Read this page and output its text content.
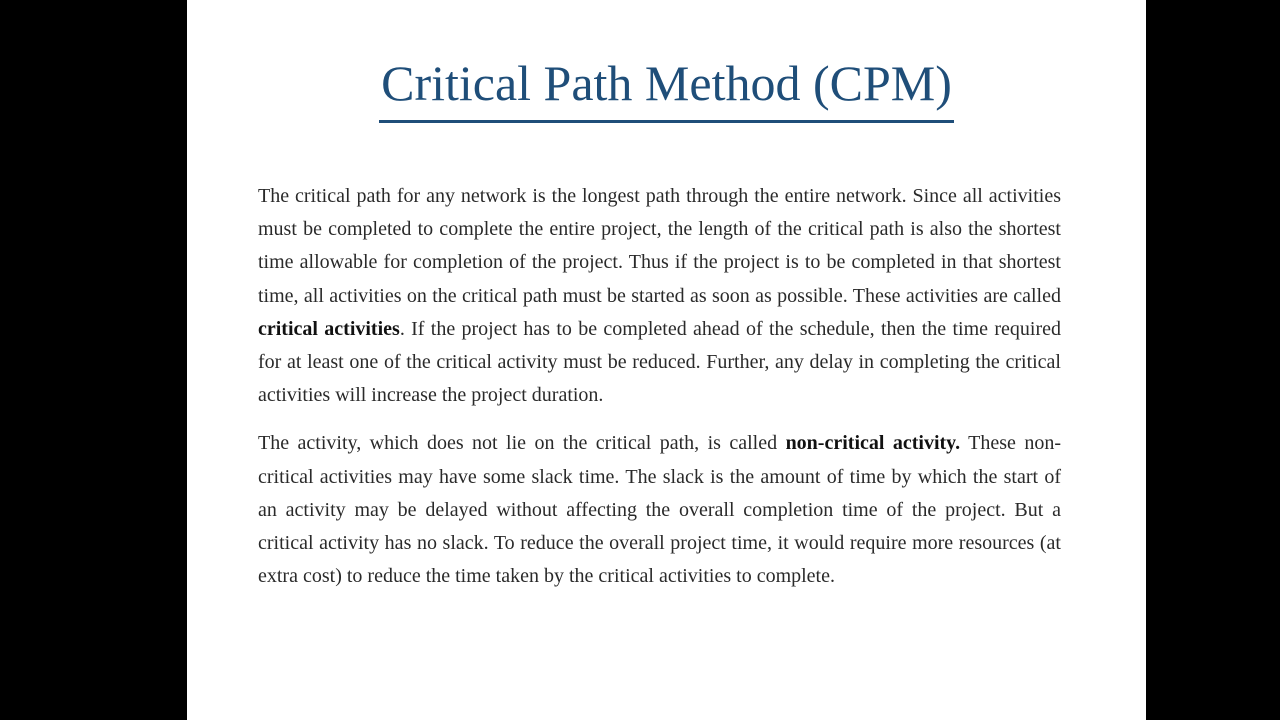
Critical Path Method (CPM)

The critical path for any network is the longest path through the entire network. Since all activities must be completed to complete the entire project, the length of the critical path is also the shortest time allowable for completion of the project. Thus if the project is to be completed in that shortest time, all activities on the critical path must be started as soon as possible. These activities are called critical activities. If the project has to be completed ahead of the schedule, then the time required for at least one of the critical activity must be reduced. Further, any delay in completing the critical activities will increase the project duration.

The activity, which does not lie on the critical path, is called non-critical activity. These non-critical activities may have some slack time. The slack is the amount of time by which the start of an activity may be delayed without affecting the overall completion time of the project. But a critical activity has no slack. To reduce the overall project time, it would require more resources (at extra cost) to reduce the time taken by the critical activities to complete.
